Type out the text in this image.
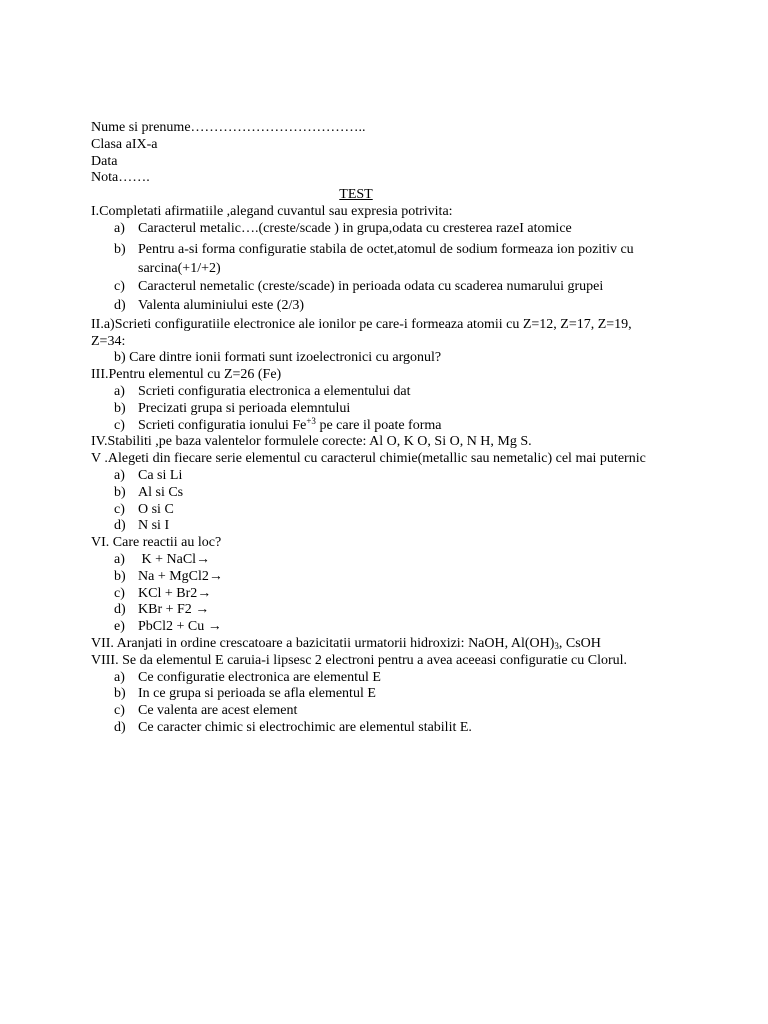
Nume si prenume………………………………..
Clasa aIX-a
Data
Nota…….
TEST
I.Completati afirmatiile ,alegand cuvantul sau expresia potrivita:
a) Caracterul metalic….(creste/scade ) in grupa,odata cu cresterea razeI atomice
b) Pentru a-si forma configuratie stabila de octet,atomul de sodium formeaza ion pozitiv cu sarcina(+1/+2)
c) Caracterul nemetalic (creste/scade) in perioada odata cu scaderea numarului grupei
d) Valenta aluminiului este (2/3)
II.a)Scrieti configuratiile electronice ale ionilor pe care-i formeaza atomii cu Z=12, Z=17, Z=19, Z=34:
b) Care dintre ionii formati sunt izoelectronici cu argonul?
III.Pentru elementul cu Z=26 (Fe)
a) Scrieti configuratia electronica a elementului dat
b) Precizati grupa si perioada elemntului
c) Scrieti configuratia ionului $Fe^{+3}$ pe care il poate forma
IV.Stabiliti ,pe baza valentelor formulele corecte: Al O, K O, Si O, N H, Mg S.
V .Alegeti din fiecare serie elementul cu caracterul chimie(metallic sau nemetalic) cel mai puternic
a) Ca si Li
b) Al si Cs
c) O si C
d) N si I
VI. Care reactii au loc?
a) K + NaCl→
b) Na + MgCl2→
c) KCl + Br2→
d) KBr + F2 →
e) PbCl2 + Cu →
VII. Aranjati in ordine crescatoare a bazicitatii urmatorii hidroxizi: NaOH, $Al(OH)_3$, CsOH
VIII. Se da elementul E caruia-i lipsesc 2 electroni pentru a avea aceeasi configuratie cu Clorul.
a) Ce configuratie electronica are elementul E
b) In ce grupa si perioada se afla elementul E
c) Ce valenta are acest element
d) Ce caracter chimic si electrochimic are elementul stabilit E.
